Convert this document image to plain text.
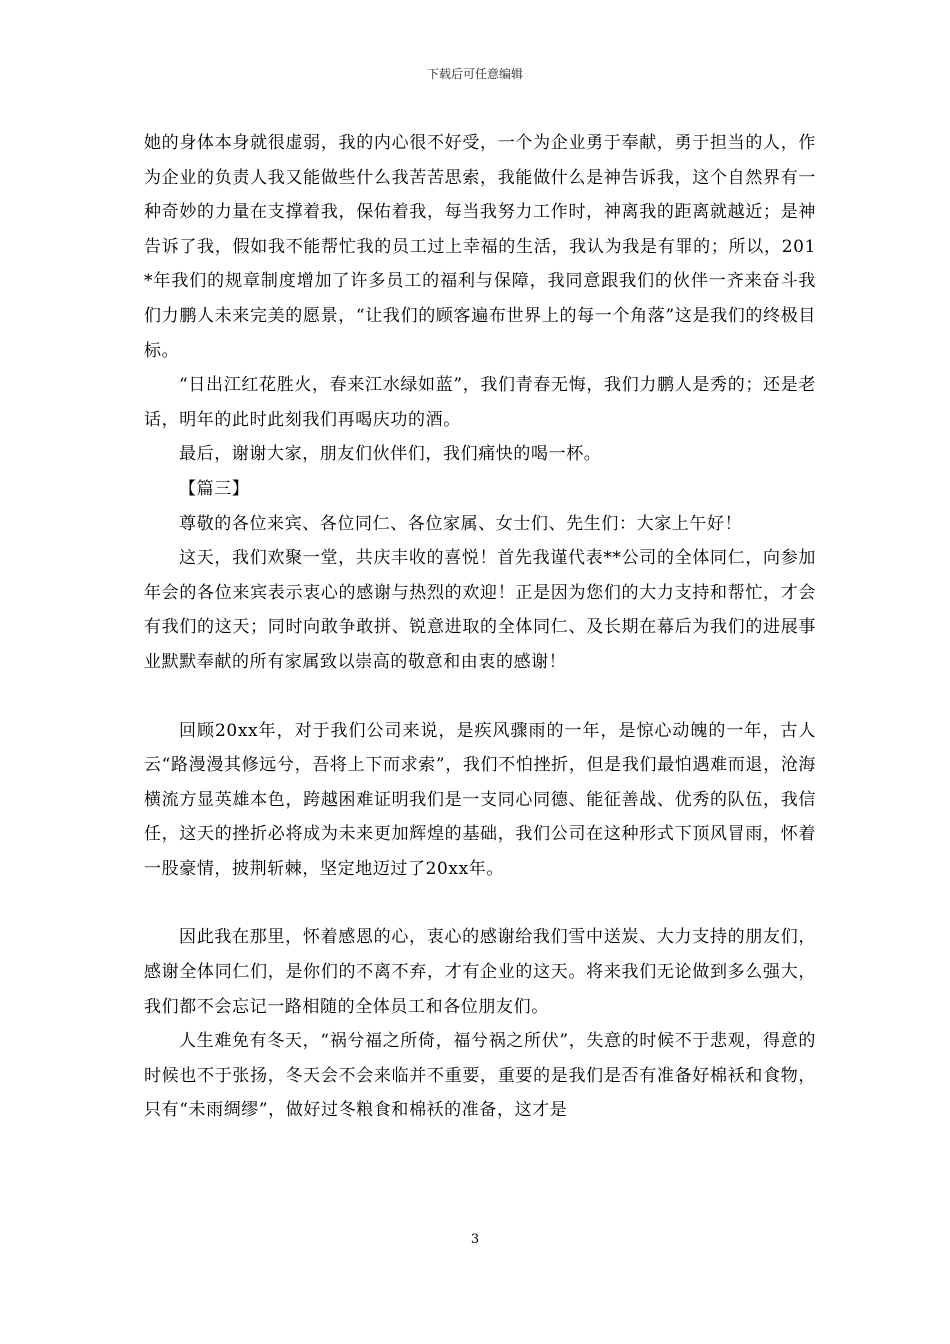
下载后可任意编辑

她的身体本身就很虚弱，我的内心很不好受，一个为企业勇于奉献，勇于担当的人，作为企业的负责人我又能做些什么我苦苦思索，我能做什么是神告诉我，这个自然界有一种奇妙的力量在支撑着我，保佑着我，每当我努力工作时，神离我的距离就越近；是神告诉了我，假如我不能帮忙我的员工过上幸福的生活，我认为我是有罪的；所以，201*年我们的规章制度增加了许多员工的福利与保障，我同意跟我们的伙伴一齐来奋斗我们力鹏人未来完美的愿景，“让我们的顾客遍布世界上的每一个角落”这是我们的终极目标。

“日出江红花胜火，春来江水绿如蓝”，我们青春无悔，我们力鹏人是秀的；还是老话，明年的此时此刻我们再喝庆功的酒。

最后，谢谢大家，朋友们伙伴们，我们痛快的喝一杯。

【篇三】

尊敬的各位来宾、各位同仁、各位家属、女士们、先生们：大家上午好！

这天，我们欢聚一堂，共庆丰收的喜悦！首先我谨代表**公司的全体同仁，向参加年会的各位来宾表示衷心的感谢与热烈的欢迎！正是因为您们的大力支持和帮忙，才会有我们的这天；同时向敢争敢拼、锐意进取的全体同仁、及长期在幕后为我们的进展事业默默奉献的所有家属致以崇高的敬意和由衷的感谢！

回顾20xx年，对于我们公司来说，是疾风骤雨的一年，是惊心动魄的一年，古人云“路漫漫其修远兮，吾将上下而求索”，我们不怕挫折，但是我们最怕遇难而退，沧海横流方显英雄本色，跨越困难证明我们是一支同心同德、能征善战、优秀的队伍，我信任，这天的挫折必将成为未来更加辉煌的基础，我们公司在这种形式下顶风冒雨，怀着一股豪情，披荆斩棘，坚定地迈过了20xx年。

因此我在那里，怀着感恩的心，衷心的感谢给我们雪中送炭、大力支持的朋友们，感谢全体同仁们，是你们的不离不弃，才有企业的这天。将来我们无论做到多么强大，我们都不会忘记一路相随的全体员工和各位朋友们。

人生难免有冬天，“祸兮福之所倚，福兮祸之所伏”，失意的时候不于悲观，得意的时候也不于张扬，冬天会不会来临并不重要，重要的是我们是否有准备好棉袄和食物，只有“未雨绸缪”，做好过冬粮食和棉袄的准备，这才是

3
